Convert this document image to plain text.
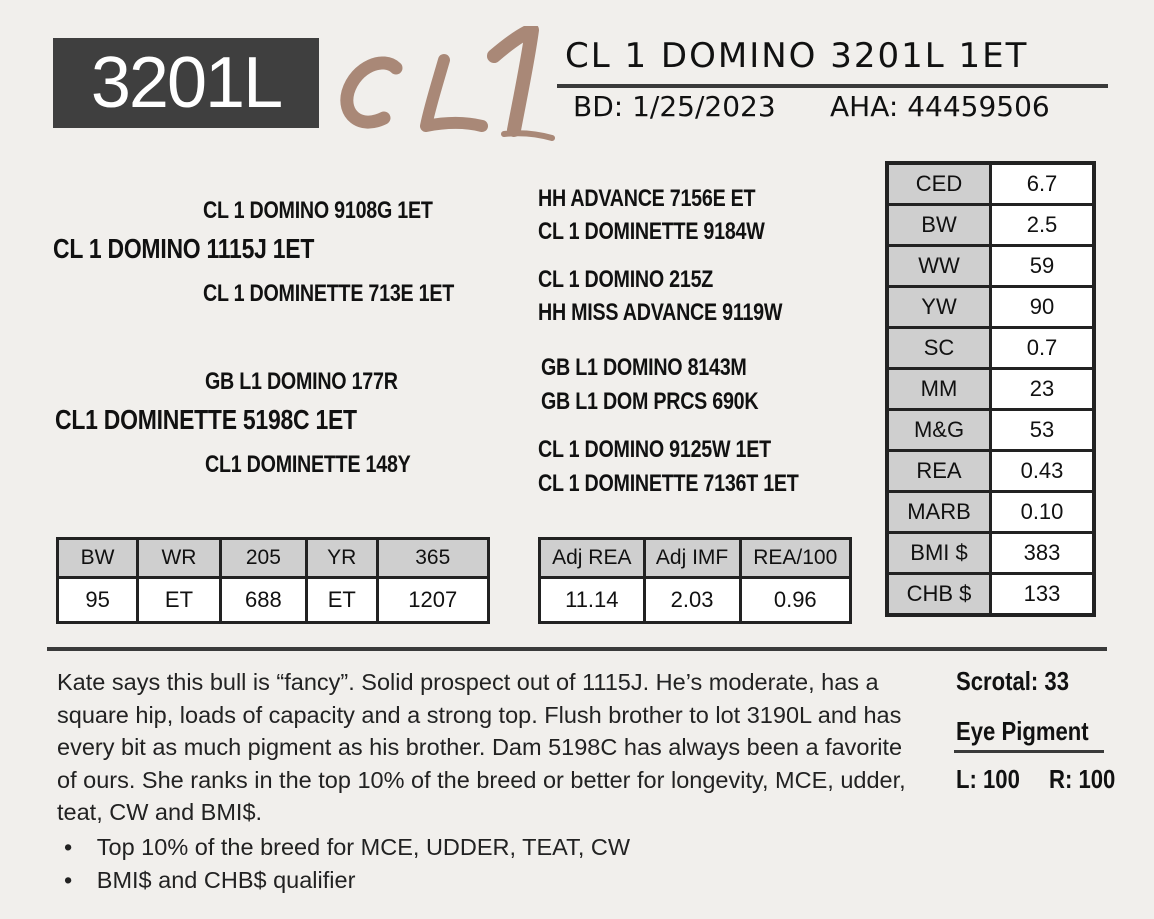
3201L	CL 1 DOMINO 3201L 1ET
BD: 1/25/2023 AHA: 44459506
CL 1 DOMINO 9108G 1ET
CL 1 DOMINO 1115J 1ET
CL 1 DOMINETTE 713E 1ET
GB L1 DOMINO 177R
CL1 DOMINETTE 5198C 1ET
CL1 DOMINETTE 148Y
HH ADVANCE 7156E ET
CL 1 DOMINETTE 9184W
CL 1 DOMINO 215Z
HH MISS ADVANCE 9119W
GB L1 DOMINO 8143M
GB L1 DOM PRCS 690K
CL 1 DOMINO 9125W 1ET
CL 1 DOMINETTE 7136T 1ET
CED	6.7
BW	2.5
WW	59
YW	90
SC	0.7
MM	23
M&G	53
REA	0.43
MARB	0.10
BMI $	383
CHB $	133
BW	WR	205	YR	365
95	ET	688	ET	1207
Adj REA	Adj IMF	REA/100
11.14	2.03	0.96
Kate says this bull is “fancy”. Solid prospect out of 1115J. He’s moderate, has a square hip, loads of capacity and a strong top. Flush brother to lot 3190L and has every bit as much pigment as his brother. Dam 5198C has always been a favorite of ours. She ranks in the top 10% of the breed or better for longevity, MCE, udder, teat, CW and BMI$.
• Top 10% of the breed for MCE, UDDER, TEAT, CW
• BMI$ and CHB$ qualifier
Scrotal: 33
Eye Pigment
L: 100 R: 100
